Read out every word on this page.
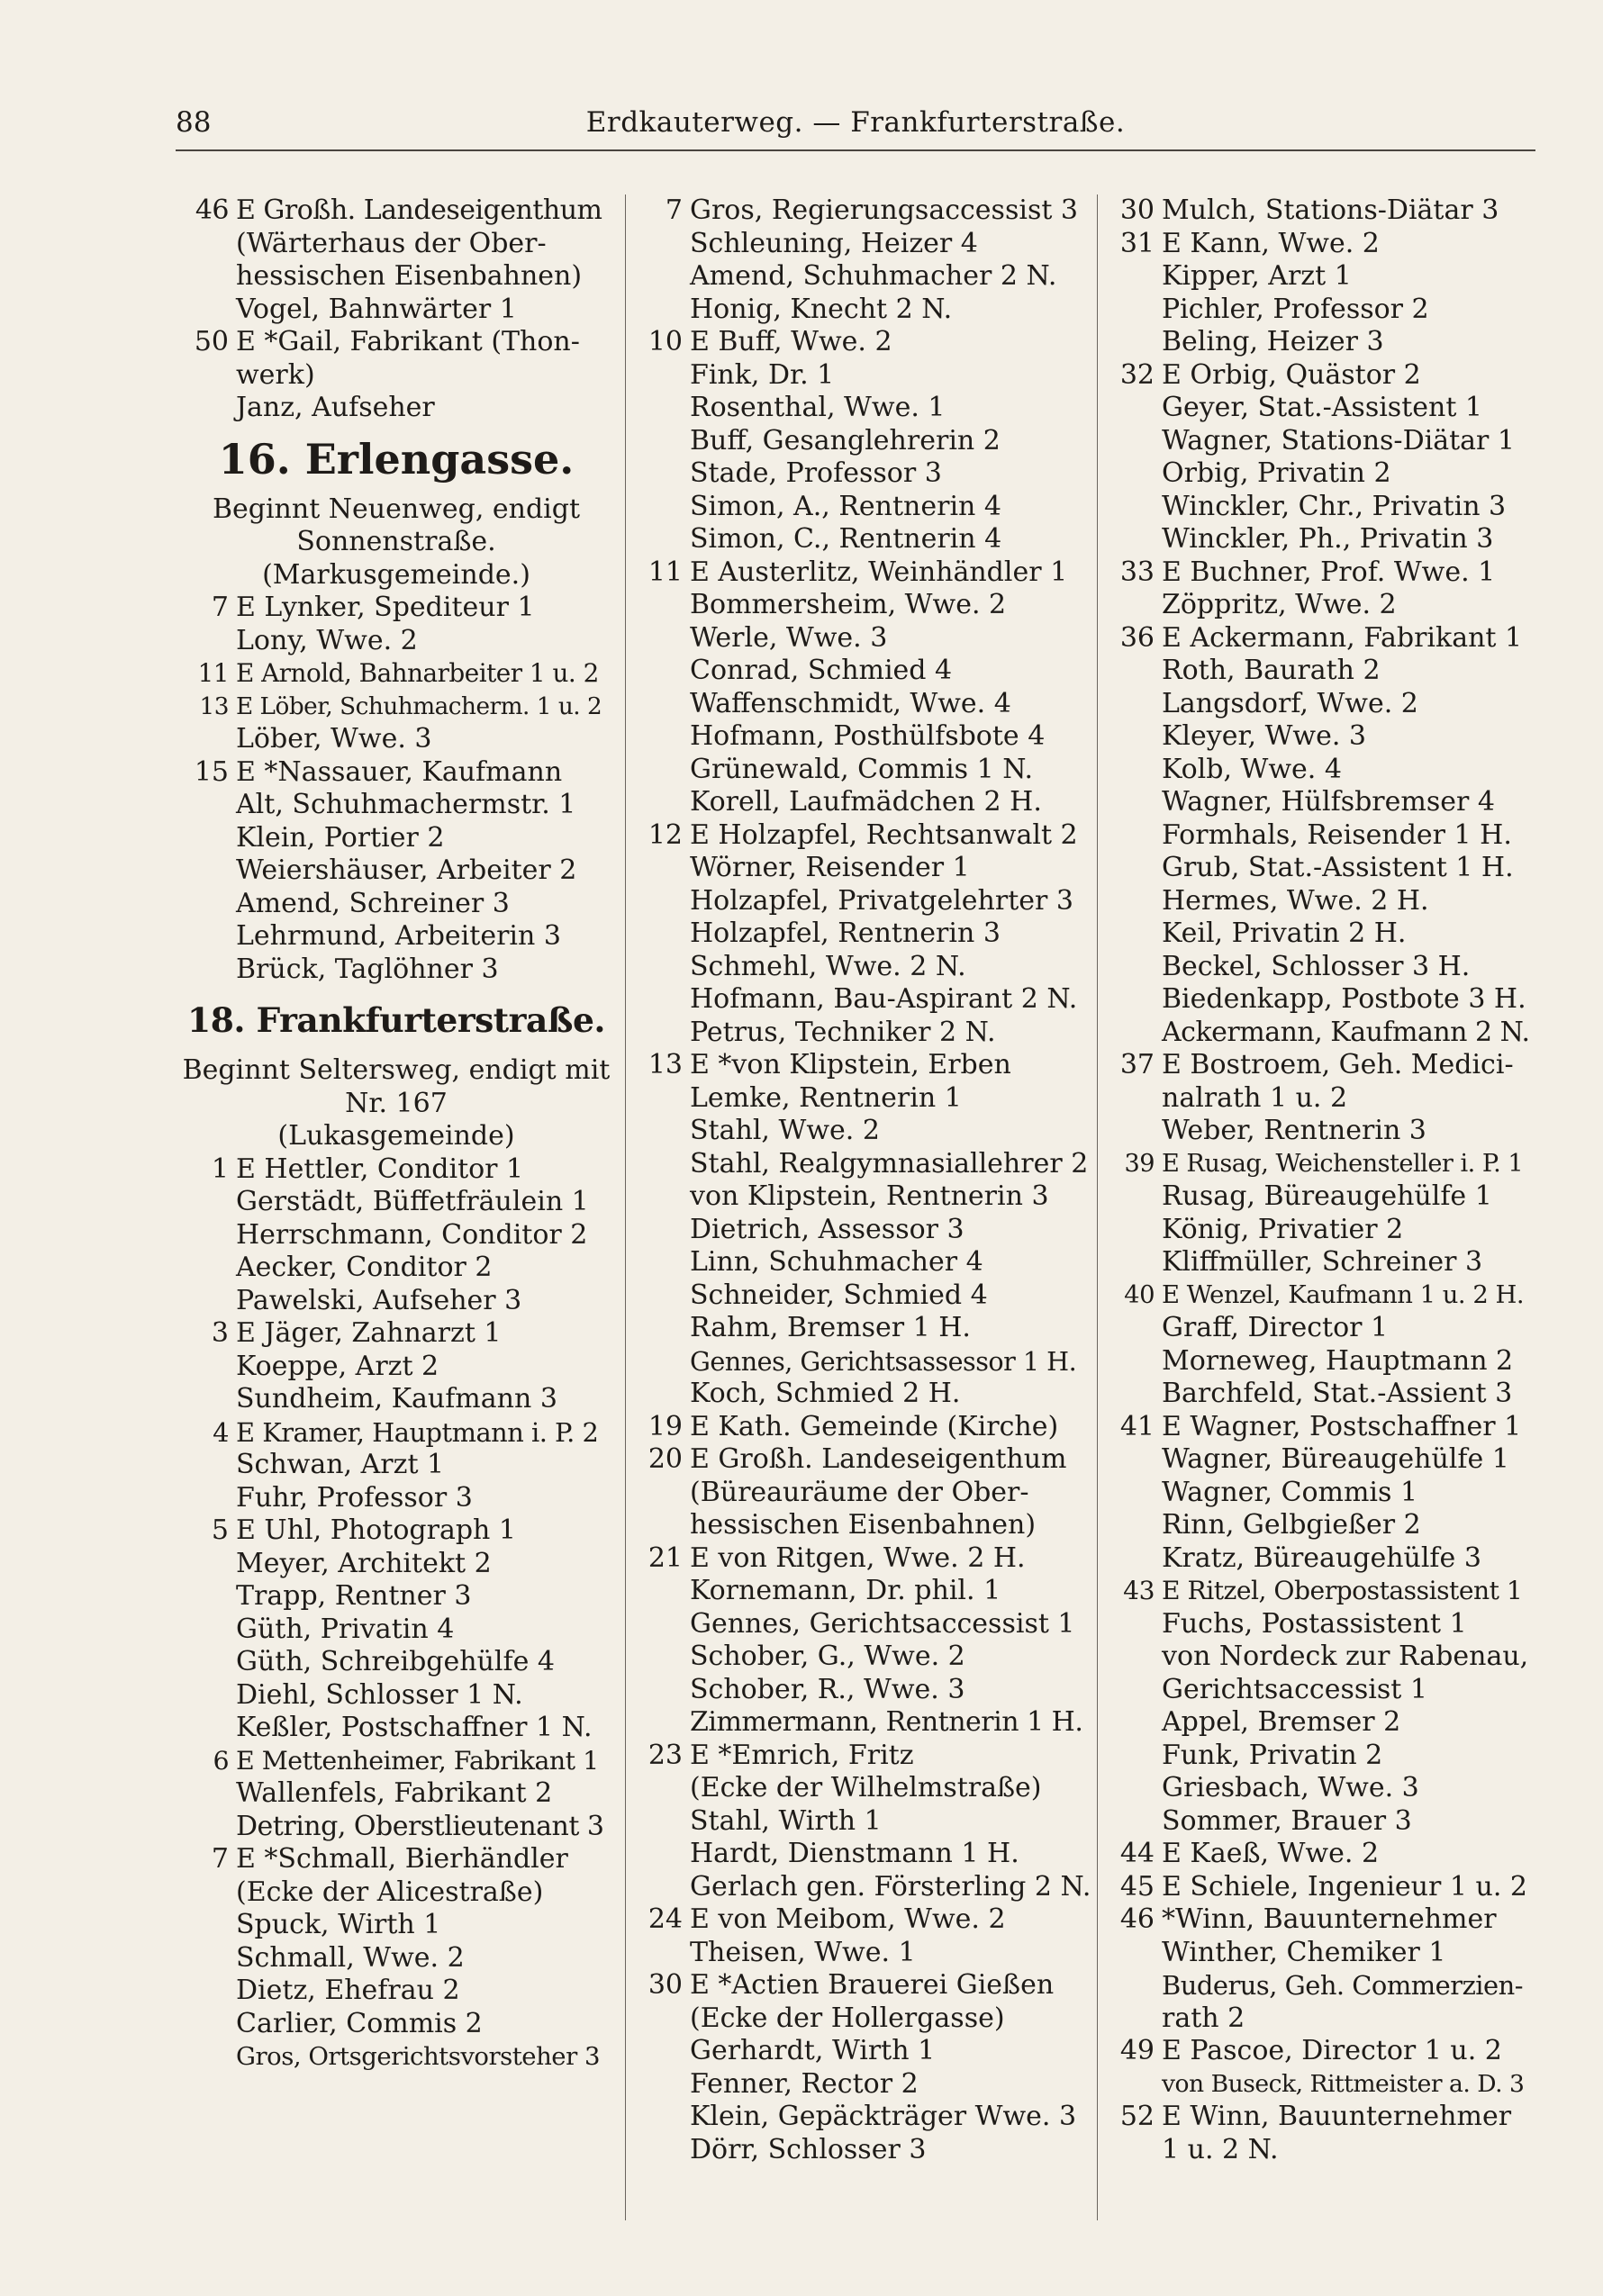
88	Erdkauterweg. — Frankfurterstraße.
46 E Großh. Landeseigenthum
(Wärterhaus der Ober-
hessischen Eisenbahnen)
Vogel, Bahnwärter 1
50 E *Gail, Fabrikant (Thon-
werk)
Janz, Aufseher
16. Erlengasse.
Beginnt Neuenweg, endigt
Sonnenstraße.
(Markusgemeinde.)
7 E Lynker, Spediteur 1
Lony, Wwe. 2
11 E Arnold, Bahnarbeiter 1 u. 2
13 E Löber, Schuhmacherm. 1 u. 2
Löber, Wwe. 3
15 E *Nassauer, Kaufmann
Alt, Schuhmachermstr. 1
Klein, Portier 2
Weiershäuser, Arbeiter 2
Amend, Schreiner 3
Lehrmund, Arbeiterin 3
Brück, Taglöhner 3
18. Frankfurterstraße.
Beginnt Seltersweg, endigt mit
Nr. 167
(Lukasgemeinde)
1 E Hettler, Conditor 1
Gerstädt, Büffetfräulein 1
Herrschmann, Conditor 2
Aecker, Conditor 2
Pawelski, Aufseher 3
3 E Jäger, Zahnarzt 1
Koeppe, Arzt 2
Sundheim, Kaufmann 3
4 E Kramer, Hauptmann i. P. 2
Schwan, Arzt 1
Fuhr, Professor 3
5 E Uhl, Photograph 1
Meyer, Architekt 2
Trapp, Rentner 3
Güth, Privatin 4
Güth, Schreibgehülfe 4
Diehl, Schlosser 1 N.
Keßler, Postschaffner 1 N.
6 E Mettenheimer, Fabrikant 1
Wallenfels, Fabrikant 2
Detring, Oberstlieutenant 3
7 E *Schmall, Bierhändler
(Ecke der Alicestraße)
Spuck, Wirth 1
Schmall, Wwe. 2
Dietz, Ehefrau 2
Carlier, Commis 2
Gros, Ortsgerichtsvorsteher 3
7 Gros, Regierungsaccessist 3
Schleuning, Heizer 4
Amend, Schuhmacher 2 N.
Honig, Knecht 2 N.
10 E Buff, Wwe. 2
Fink, Dr. 1
Rosenthal, Wwe. 1
Buff, Gesanglehrerin 2
Stade, Professor 3
Simon, A., Rentnerin 4
Simon, C., Rentnerin 4
11 E Austerlitz, Weinhändler 1
Bommersheim, Wwe. 2
Werle, Wwe. 3
Conrad, Schmied 4
Waffenschmidt, Wwe. 4
Hofmann, Posthülfsbote 4
Grünewald, Commis 1 N.
Korell, Laufmädchen 2 H.
12 E Holzapfel, Rechtsanwalt 2
Wörner, Reisender 1
Holzapfel, Privatgelehrter 3
Holzapfel, Rentnerin 3
Schmehl, Wwe. 2 N.
Hofmann, Bau-Aspirant 2 N.
Petrus, Techniker 2 N.
13 E *von Klipstein, Erben
Lemke, Rentnerin 1
Stahl, Wwe. 2
Stahl, Realgymnasiallehrer 2
von Klipstein, Rentnerin 3
Dietrich, Assessor 3
Linn, Schuhmacher 4
Schneider, Schmied 4
Rahm, Bremser 1 H.
Gennes, Gerichtsassessor 1 H.
Koch, Schmied 2 H.
19 E Kath. Gemeinde (Kirche)
20 E Großh. Landeseigenthum
(Büreauräume der Ober-
hessischen Eisenbahnen)
21 E von Ritgen, Wwe. 2 H.
Kornemann, Dr. phil. 1
Gennes, Gerichtsaccessist 1
Schober, G., Wwe. 2
Schober, R., Wwe. 3
Zimmermann, Rentnerin 1 H.
23 E *Emrich, Fritz
(Ecke der Wilhelmstraße)
Stahl, Wirth 1
Hardt, Dienstmann 1 H.
Gerlach gen. Försterling 2 N.
24 E von Meibom, Wwe. 2
Theisen, Wwe. 1
30 E *Actien Brauerei Gießen
(Ecke der Hollergasse)
Gerhardt, Wirth 1
Fenner, Rector 2
Klein, Gepäckträger Wwe. 3
Dörr, Schlosser 3
30 Mulch, Stations-Diätar 3
31 E Kann, Wwe. 2
Kipper, Arzt 1
Pichler, Professor 2
Beling, Heizer 3
32 E Orbig, Quästor 2
Geyer, Stat.-Assistent 1
Wagner, Stations-Diätar 1
Orbig, Privatin 2
Winckler, Chr., Privatin 3
Winckler, Ph., Privatin 3
33 E Buchner, Prof. Wwe. 1
Zöppritz, Wwe. 2
36 E Ackermann, Fabrikant 1
Roth, Baurath 2
Langsdorf, Wwe. 2
Kleyer, Wwe. 3
Kolb, Wwe. 4
Wagner, Hülfsbremser 4
Formhals, Reisender 1 H.
Grub, Stat.-Assistent 1 H.
Hermes, Wwe. 2 H.
Keil, Privatin 2 H.
Beckel, Schlosser 3 H.
Biedenkapp, Postbote 3 H.
Ackermann, Kaufmann 2 N.
37 E Bostroem, Geh. Medici-
nalrath 1 u. 2
Weber, Rentnerin 3
39 E Rusag, Weichensteller i. P. 1
Rusag, Büreaugehülfe 1
König, Privatier 2
Kliffmüller, Schreiner 3
40 E Wenzel, Kaufmann 1 u. 2 H.
Graff, Director 1
Morneweg, Hauptmann 2
Barchfeld, Stat.-Assient 3
41 E Wagner, Postschaffner 1
Wagner, Büreaugehülfe 1
Wagner, Commis 1
Rinn, Gelbgießer 2
Kratz, Büreaugehülfe 3
43 E Ritzel, Oberpostassistent 1
Fuchs, Postassistent 1
von Nordeck zur Rabenau,
Gerichtsaccessist 1
Appel, Bremser 2
Funk, Privatin 2
Griesbach, Wwe. 3
Sommer, Brauer 3
44 E Kaeß, Wwe. 2
45 E Schiele, Ingenieur 1 u. 2
46 *Winn, Bauunternehmer
Winther, Chemiker 1
Buderus, Geh. Commerzien-
rath 2
49 E Pascoe, Director 1 u. 2
von Buseck, Rittmeister a. D. 3
52 E Winn, Bauunternehmer
1 u. 2 N.
